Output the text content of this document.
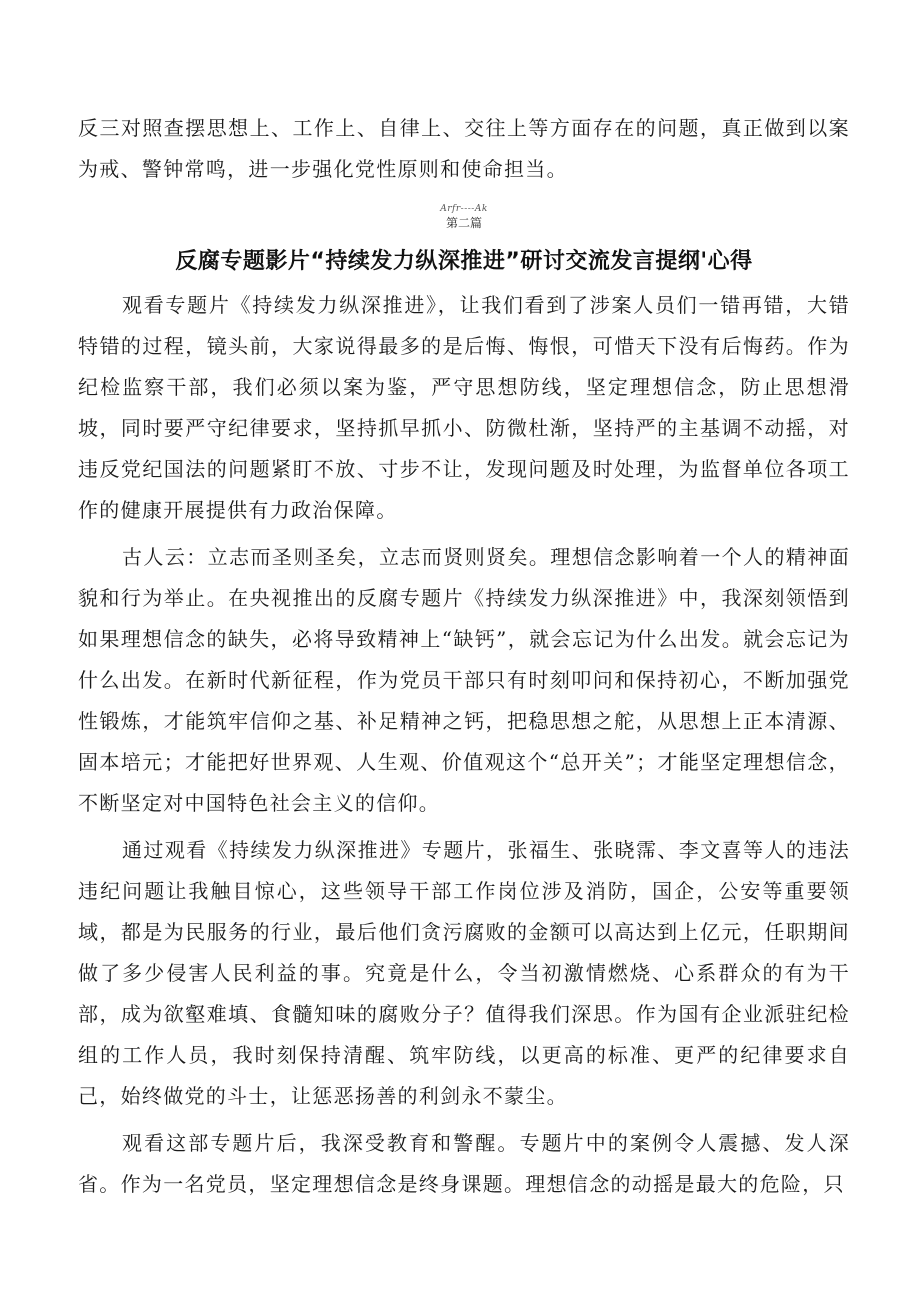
反三对照查摆思想上、工作上、自律上、交往上等方面存在的问题，真正做到以案为戒、警钟常鸣，进一步强化党性原则和使命担当。

Arfr----Ak
第二篇
反腐专题影片“持续发力纵深推进”研讨交流发言提纲'心得

观看专题片《持续发力纵深推进》，让我们看到了涉案人员们一错再错，大错特错的过程，镜头前，大家说得最多的是后悔、悔恨，可惜天下没有后悔药。作为纪检监察干部，我们必须以案为鉴，严守思想防线，坚定理想信念，防止思想滑坡，同时要严守纪律要求，坚持抓早抓小、防微杜渐，坚持严的主基调不动摇，对违反党纪国法的问题紧盯不放、寸步不让，发现问题及时处理，为监督单位各项工作的健康开展提供有力政治保障。

古人云：立志而圣则圣矣，立志而贤则贤矣。理想信念影响着一个人的精神面貌和行为举止。在央视推出的反腐专题片《持续发力纵深推进》中，我深刻领悟到如果理想信念的缺失，必将导致精神上“缺钙”，就会忘记为什么出发。就会忘记为什么出发。在新时代新征程，作为党员干部只有时刻叩问和保持初心，不断加强党性锻炼，才能筑牢信仰之基、补足精神之钙，把稳思想之舵，从思想上正本清源、固本培元；才能把好世界观、人生观、价值观这个“总开关”；才能坚定理想信念，不断坚定对中国特色社会主义的信仰。

通过观看《持续发力纵深推进》专题片，张福生、张晓霈、李文喜等人的违法违纪问题让我触目惊心，这些领导干部工作岗位涉及消防，国企，公安等重要领域，都是为民服务的行业，最后他们贪污腐败的金额可以高达到上亿元，任职期间做了多少侵害人民利益的事。究竟是什么，令当初激情燃烧、心系群众的有为干部，成为欲壑难填、食髓知味的腐败分子？值得我们深思。作为国有企业派驻纪检组的工作人员，我时刻保持清醒、筑牢防线，以更高的标准、更严的纪律要求自己，始终做党的斗士，让惩恶扬善的利剑永不蒙尘。

观看这部专题片后，我深受教育和警醒。专题片中的案例令人震撼、发人深省。作为一名党员，坚定理想信念是终身课题。理想信念的动摇是最大的危险，只
